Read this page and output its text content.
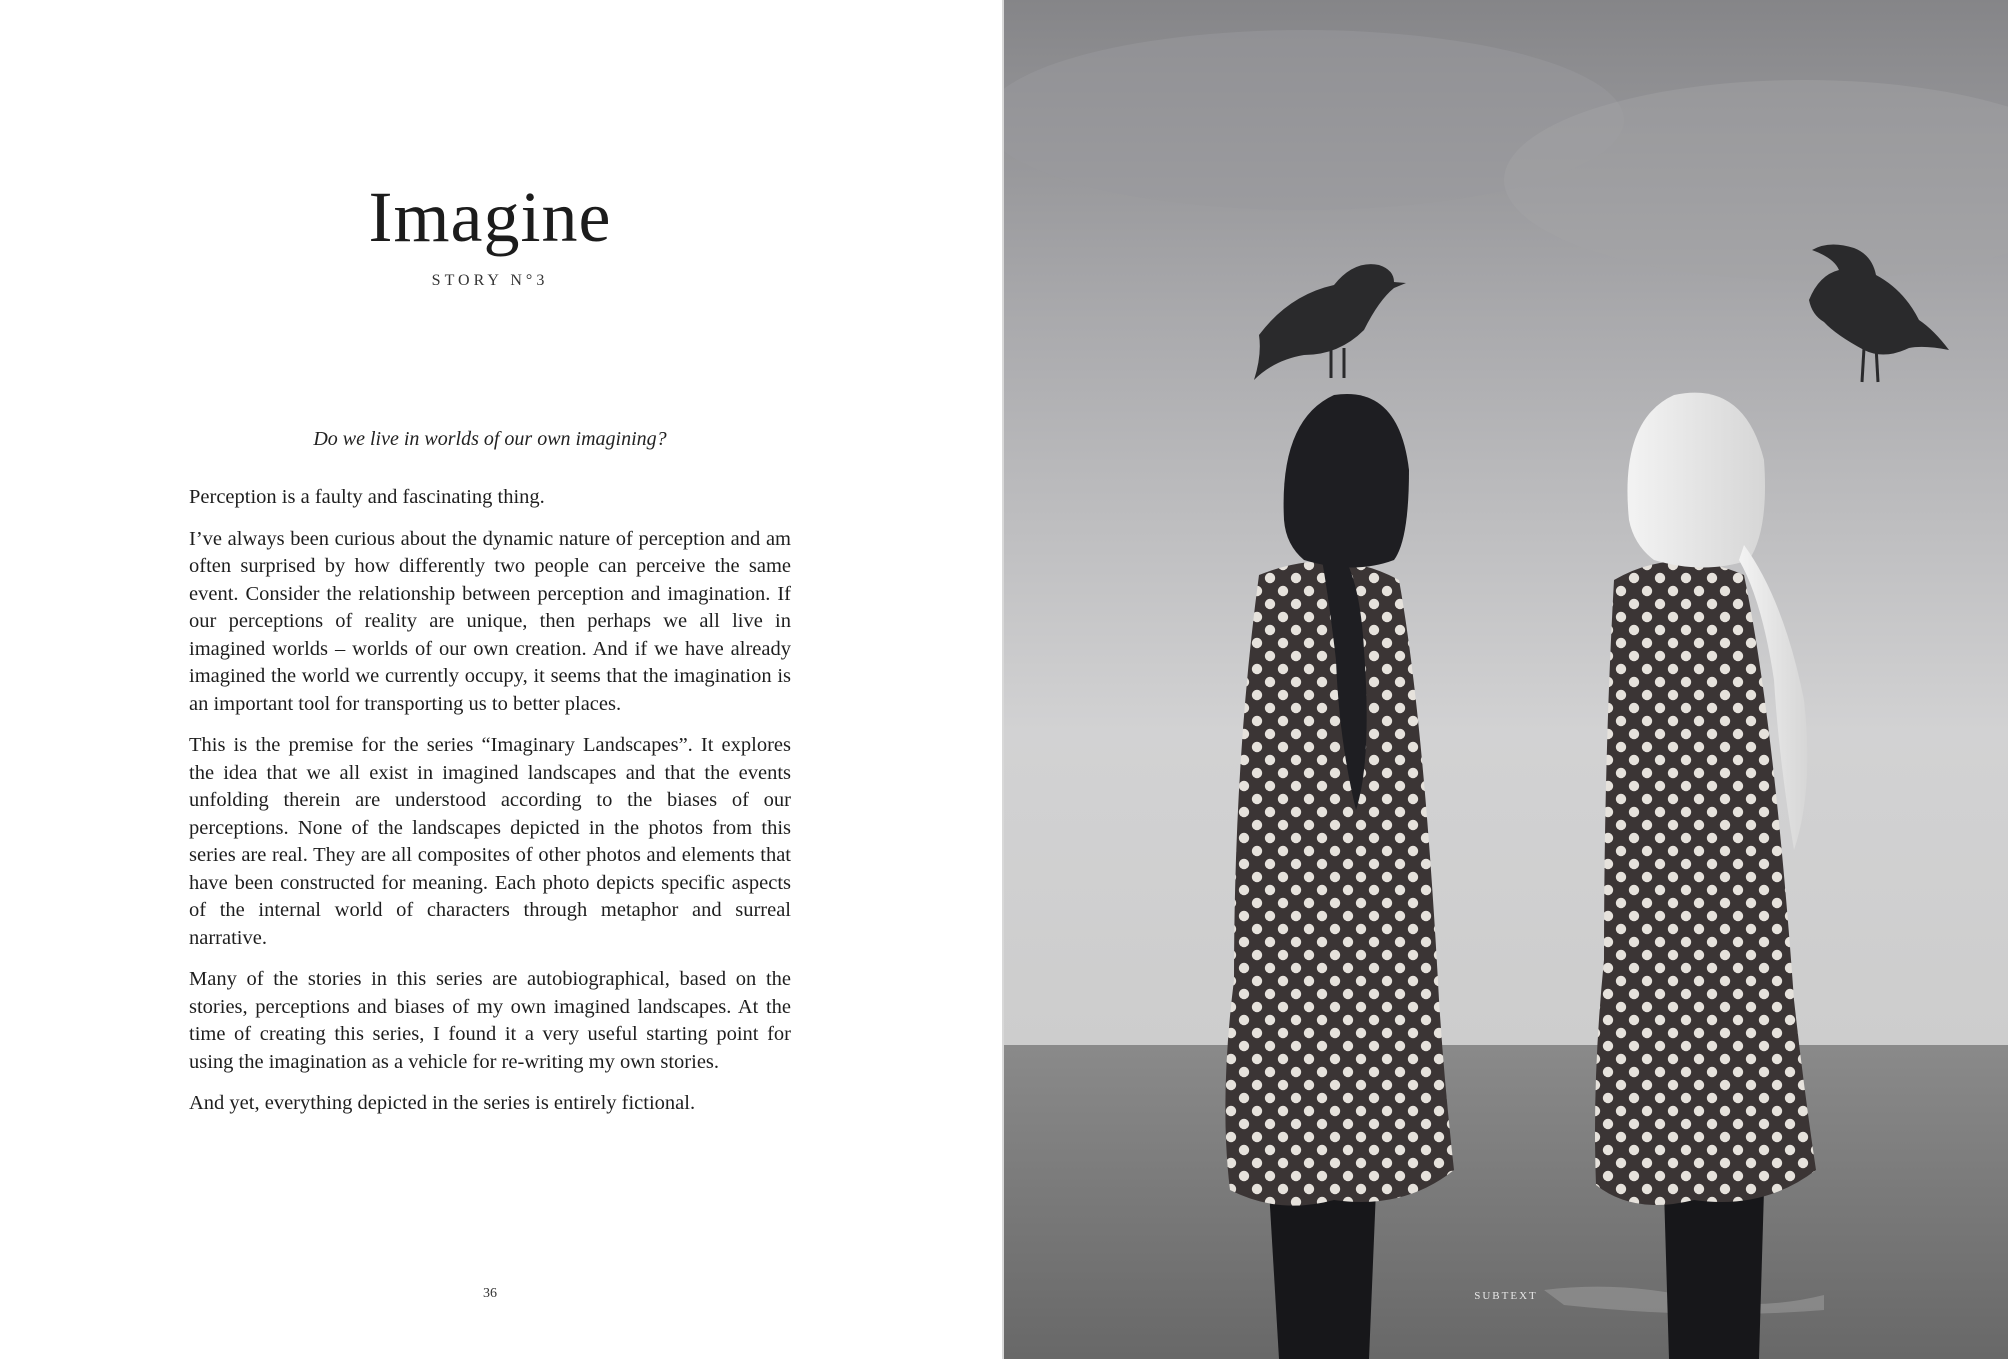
Imagine
STORY N°3
Do we live in worlds of our own imagining?

Perception is a faulty and fascinating thing.

I’ve always been curious about the dynamic nature of perception and am often surprised by how differently two people can perceive the same event. Consider the relationship between perception and imagination. If our perceptions of reality are unique, then perhaps we all live in imagined worlds – worlds of our own creation. And if we have already imagined the world we currently occupy, it seems that the imagination is an important tool for transporting us to better places.

This is the premise for the series “Imaginary Landscapes”. It explores the idea that we all exist in imagined landscapes and that the events unfolding therein are understood according to the biases of our perceptions. None of the landscapes depicted in the photos from this series are real. They are all composites of other photos and elements that have been constructed for meaning. Each photo depicts specific aspects of the internal world of characters through metaphor and surreal narrative.

Many of the stories in this series are autobiographical, based on the stories, perceptions and biases of my own imagined landscapes. At the time of creating this series, I found it a very useful starting point for using the imagination as a vehicle for re-writing my own stories.

And yet, everything depicted in the series is entirely fictional.

36	SUBTEXT
